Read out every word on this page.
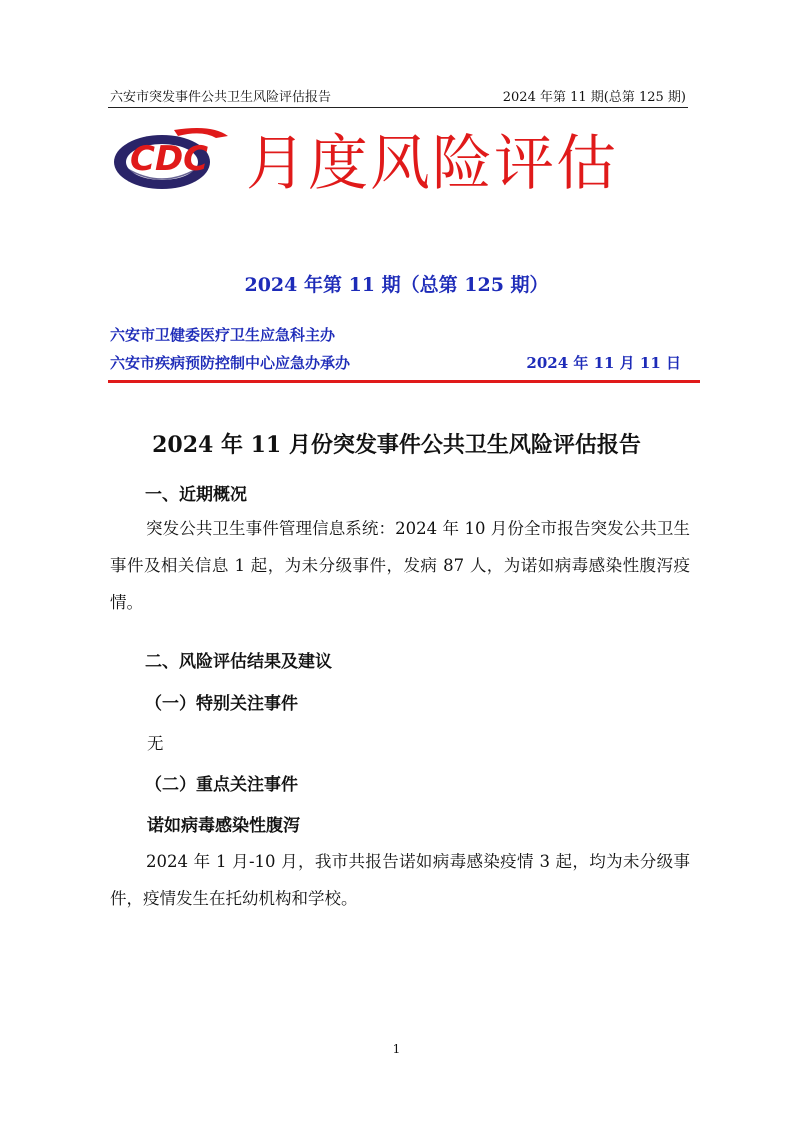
六安市突发事件公共卫生风险评估报告	2024 年第 11 期(总第 125 期)
CDC 月度风险评估
2024 年第 11 期（总第 125 期）
六安市卫健委医疗卫生应急科主办
六安市疾病预防控制中心应急办承办	2024 年 11 月 11 日
2024 年 11 月份突发事件公共卫生风险评估报告
一、近期概况
突发公共卫生事件管理信息系统：2024 年 10 月份全市报告突发公共卫生事件及相关信息 1 起，为未分级事件，发病 87 人，为诺如病毒感染性腹泻疫情。
二、风险评估结果及建议
（一）特别关注事件
无
（二）重点关注事件
诺如病毒感染性腹泻
2024 年 1 月-10 月，我市共报告诺如病毒感染疫情 3 起，均为未分级事件，疫情发生在托幼机构和学校。
1
